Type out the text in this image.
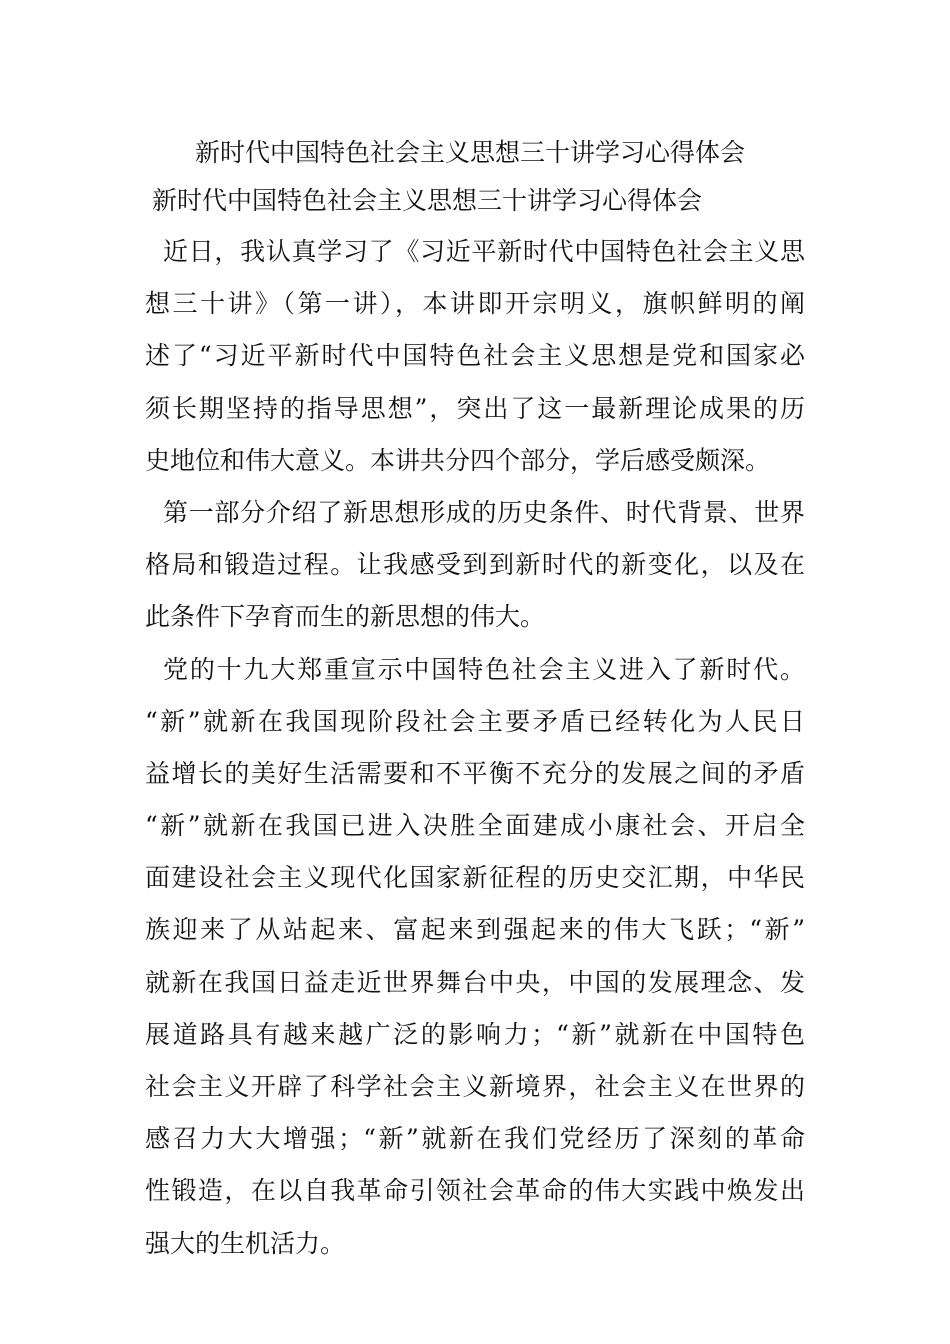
新时代中国特色社会主义思想三十讲学习心得体会
新时代中国特色社会主义思想三十讲学习心得体会
近日，我认真学习了《习近平新时代中国特色社会主义思
想三十讲》（第一讲），本讲即开宗明义，旗帜鲜明的阐
述了“习近平新时代中国特色社会主义思想是党和国家必
须长期坚持的指导思想”，突出了这一最新理论成果的历
史地位和伟大意义。本讲共分四个部分，学后感受颇深。
第一部分介绍了新思想形成的历史条件、时代背景、世界
格局和锻造过程。让我感受到到新时代的新变化，以及在
此条件下孕育而生的新思想的伟大。
党的十九大郑重宣示中国特色社会主义进入了新时代。
“新”就新在我国现阶段社会主要矛盾已经转化为人民日
益增长的美好生活需要和不平衡不充分的发展之间的矛盾
“新”就新在我国已进入决胜全面建成小康社会、开启全
面建设社会主义现代化国家新征程的历史交汇期，中华民
族迎来了从站起来、富起来到强起来的伟大飞跃；“新”
就新在我国日益走近世界舞台中央，中国的发展理念、发
展道路具有越来越广泛的影响力；“新”就新在中国特色
社会主义开辟了科学社会主义新境界，社会主义在世界的
感召力大大增强；“新”就新在我们党经历了深刻的革命
性锻造，在以自我革命引领社会革命的伟大实践中焕发出
强大的生机活力。
